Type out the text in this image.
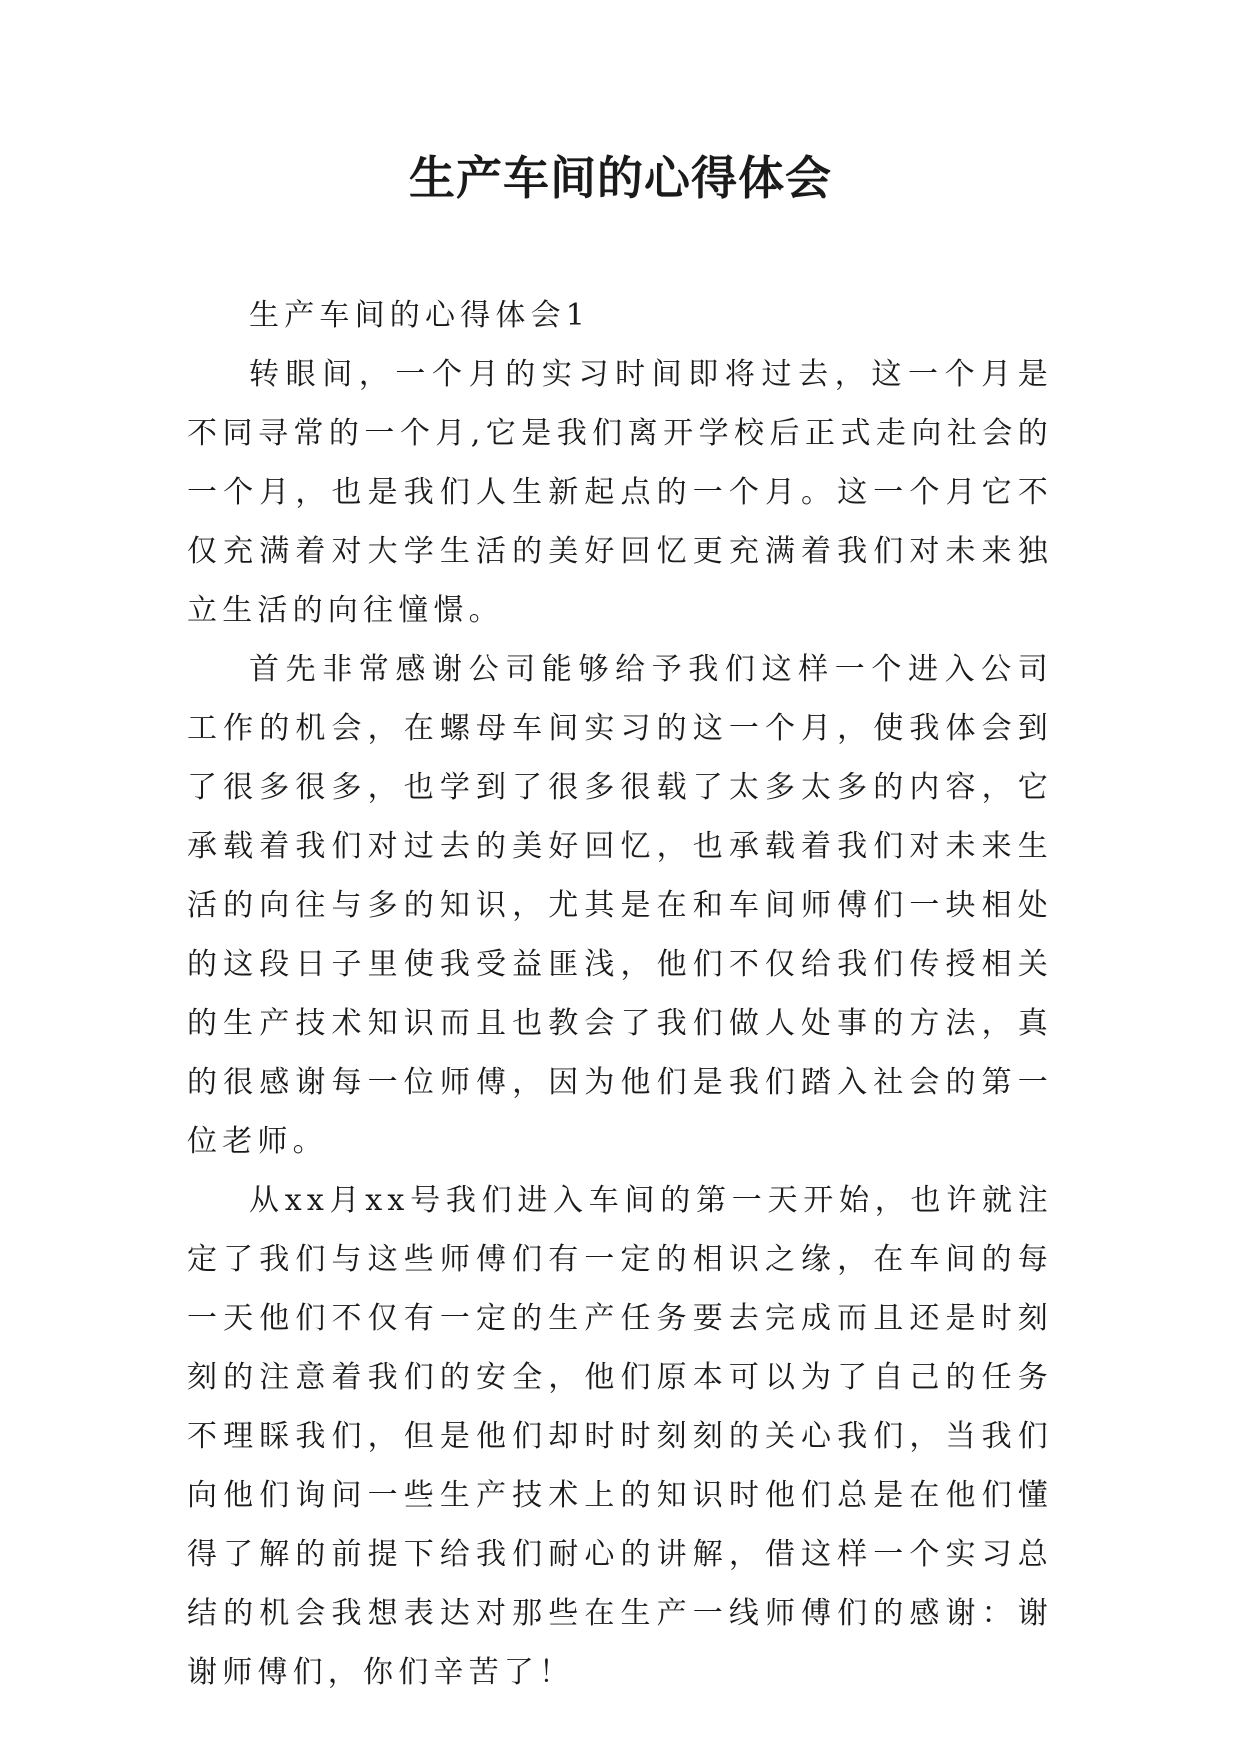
生产车间的心得体会

生产车间的心得体会1

转眼间，一个月的实习时间即将过去，这一个月是不同寻常的一个月,它是我们离开学校后正式走向社会的一个月，也是我们人生新起点的一个月。这一个月它不仅充满着对大学生活的美好回忆更充满着我们对未来独立生活的向往憧憬。

首先非常感谢公司能够给予我们这样一个进入公司工作的机会，在螺母车间实习的这一个月，使我体会到了很多很多，也学到了很多很载了太多太多的内容，它承载着我们对过去的美好回忆，也承载着我们对未来生活的向往与多的知识，尤其是在和车间师傅们一块相处的这段日子里使我受益匪浅，他们不仅给我们传授相关的生产技术知识而且也教会了我们做人处事的方法，真的很感谢每一位师傅，因为他们是我们踏入社会的第一位老师。

从xx月xx号我们进入车间的第一天开始，也许就注定了我们与这些师傅们有一定的相识之缘，在车间的每一天他们不仅有一定的生产任务要去完成而且还是时刻刻的注意着我们的安全，他们原本可以为了自己的任务不理睬我们，但是他们却时时刻刻的关心我们，当我们向他们询问一些生产技术上的知识时他们总是在他们懂得了解的前提下给我们耐心的讲解，借这样一个实习总结的机会我想表达对那些在生产一线师傅们的感谢：谢谢师傅们，你们辛苦了！
